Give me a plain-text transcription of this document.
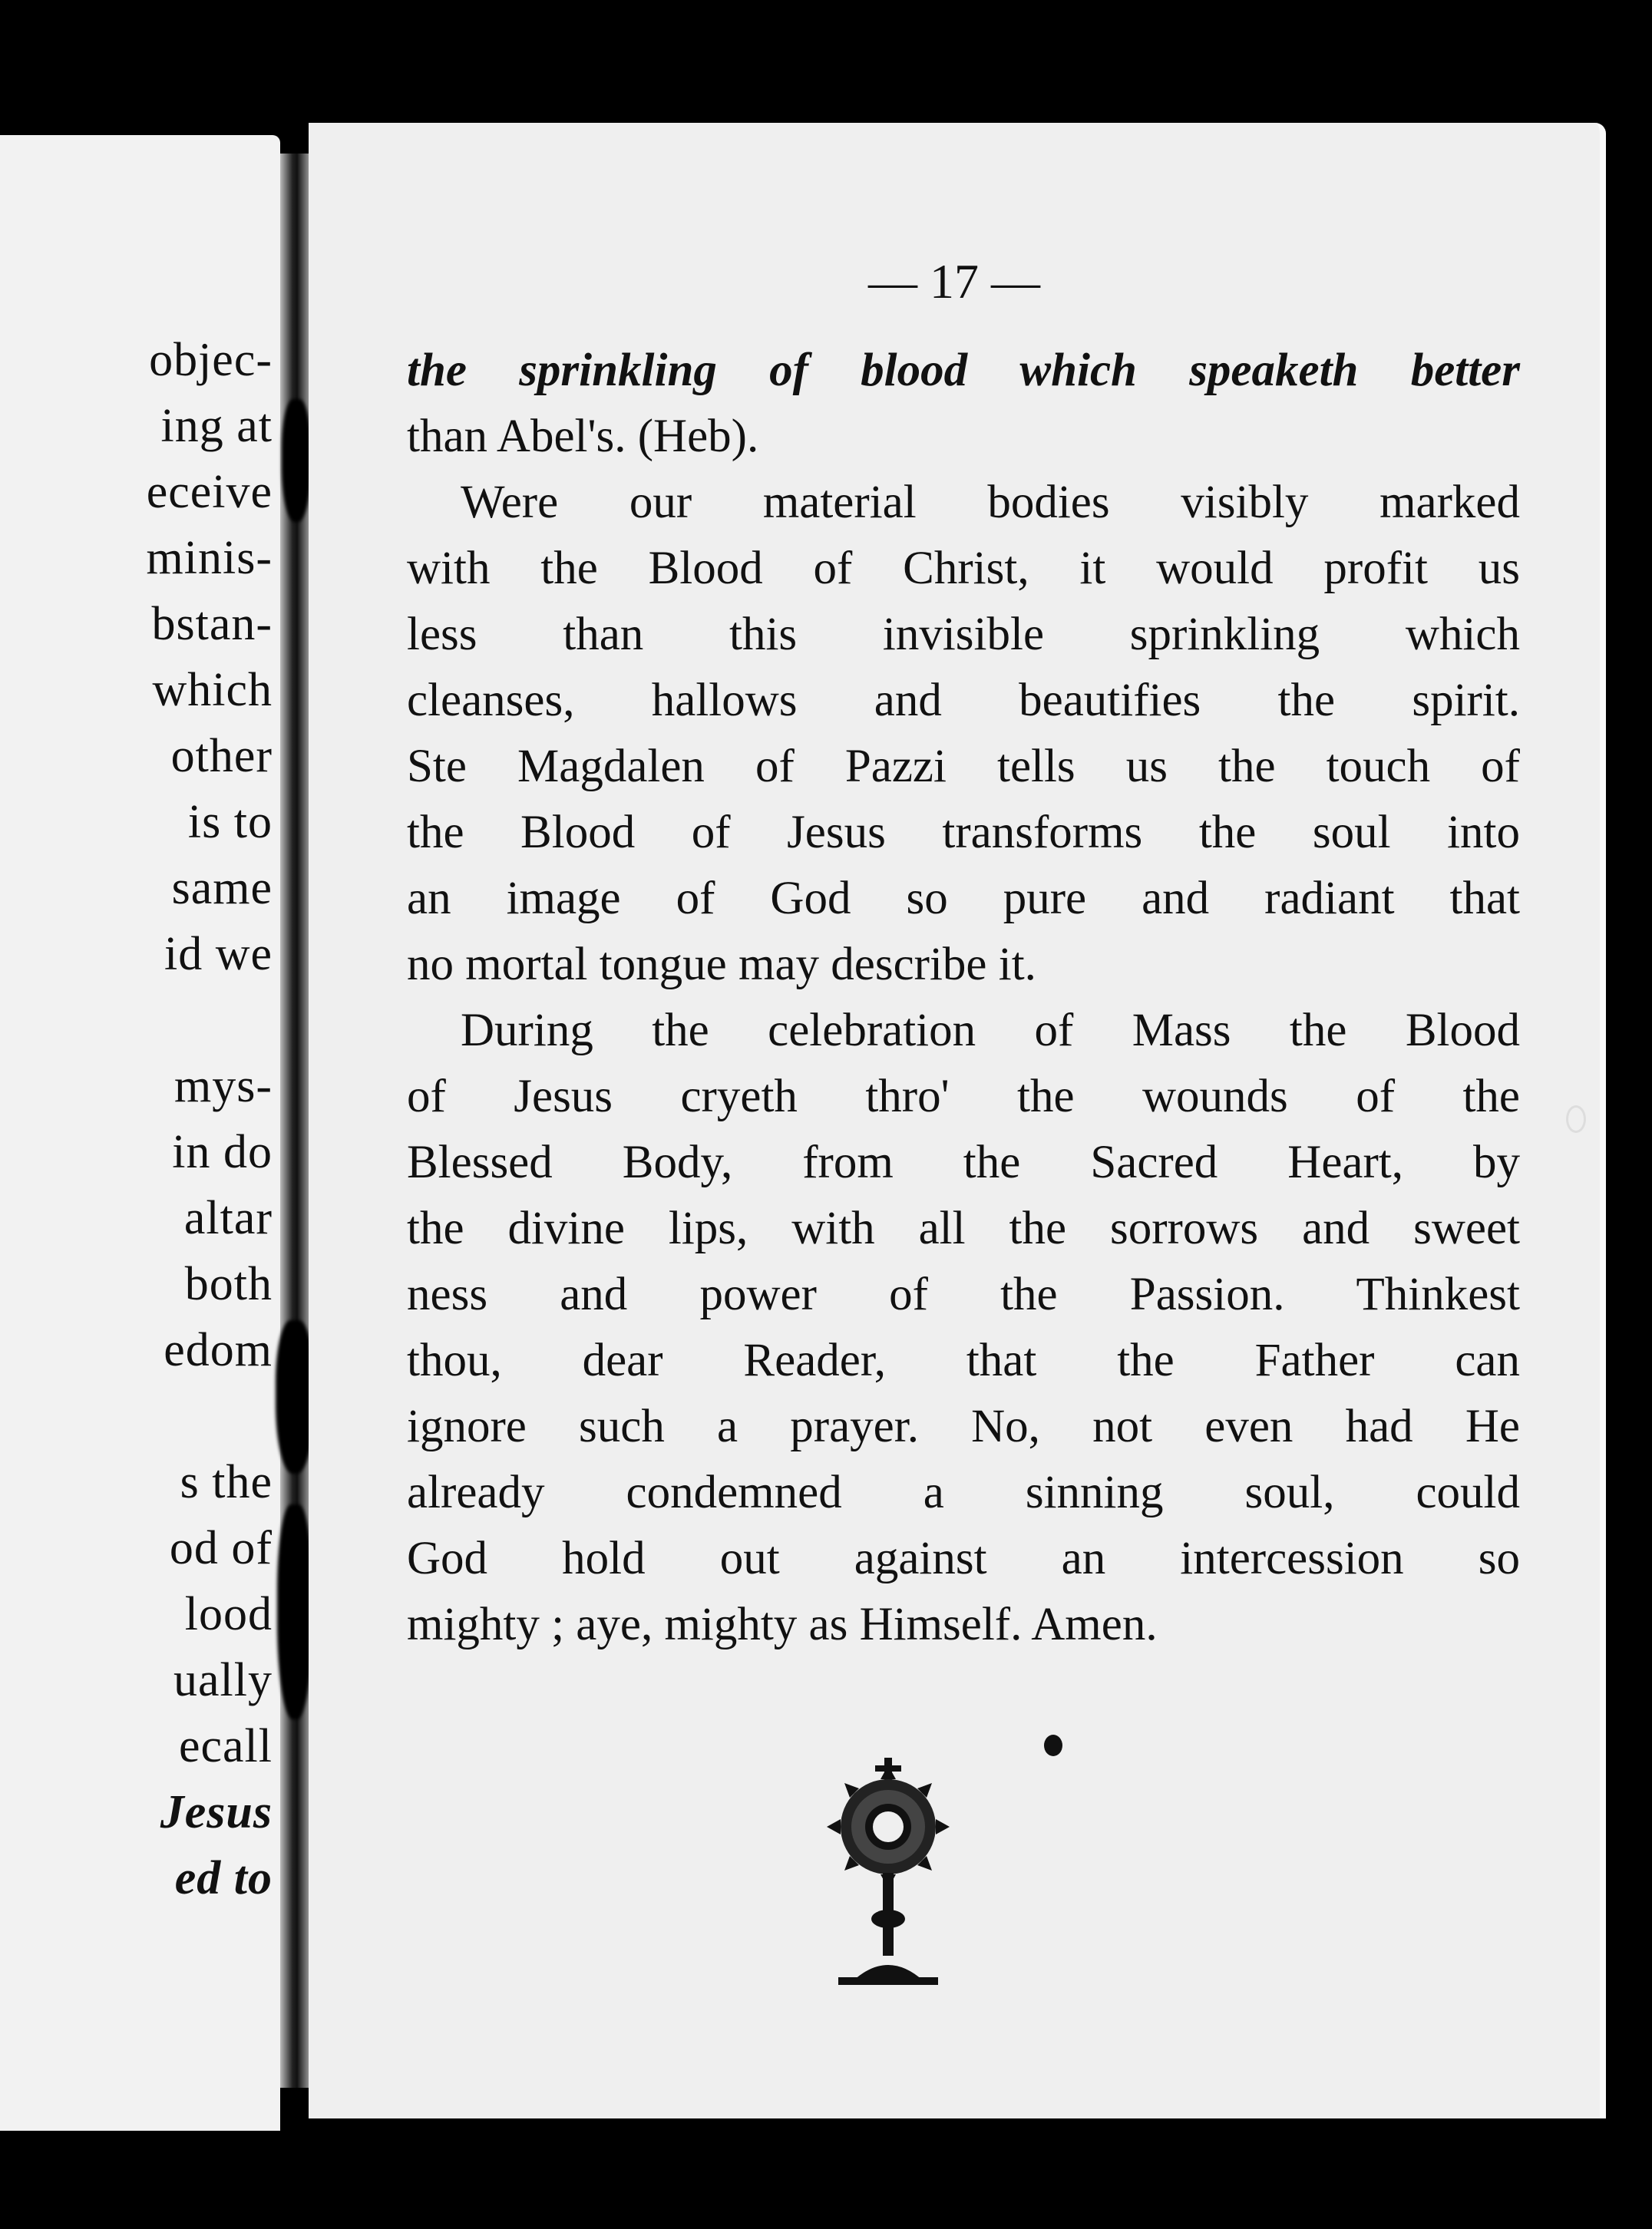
objec-
ing at
eceive
minis-
bstan-
which
other
is to
same
id we
mys-
in do
altar
both
edom
s the
od of
lood
ually
ecall
Jesus
ed to
— 17 —
the sprinkling of blood which speaketh better
than Abel's. (Heb).
Were our material bodies visibly marked
with the Blood of Christ, it would profit us
less than this invisible sprinkling which
cleanses, hallows and beautifies the spirit.
Ste Magdalen of Pazzi tells us the touch of
the Blood of Jesus transforms the soul into
an image of God so pure and radiant that
no mortal tongue may describe it.
During the celebration of Mass the Blood
of Jesus cryeth thro' the wounds of the
Blessed Body, from the Sacred Heart, by
the divine lips, with all the sorrows and sweet
ness and power of the Passion. Thinkest
thou, dear Reader, that the Father can
ignore such a prayer. No, not even had He
already condemned a sinning soul, could
God hold out against an intercession so
mighty ; aye, mighty as Himself. Amen.
